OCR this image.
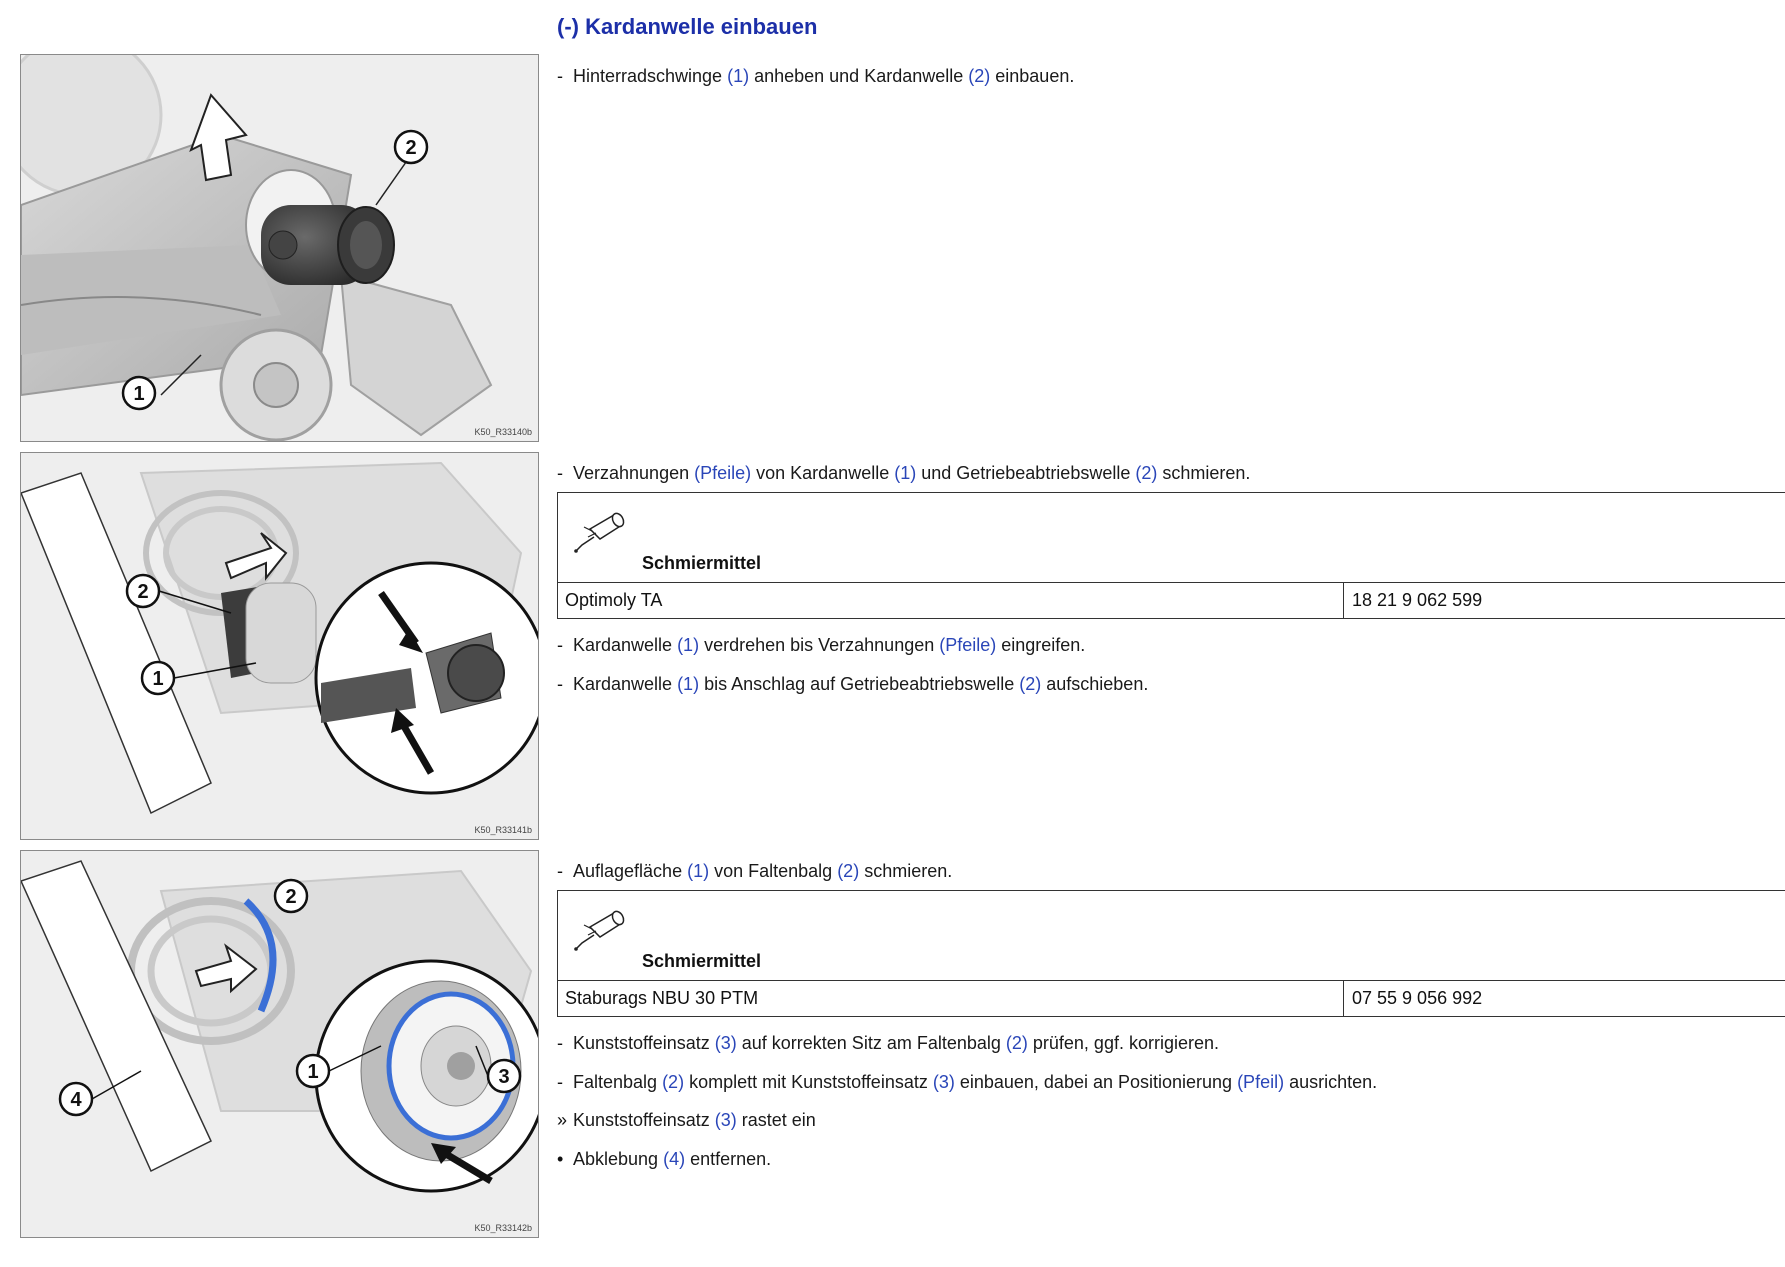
(-) Kardanwelle einbauen
1
2
K50_R33140b
2
1
K50_R33141b
2
1	3
4
K50_R33142b
- Hinterradschwinge (1) anheben und Kardanwelle (2) einbauen.
- Verzahnungen (Pfeile) von Kardanwelle (1) und Getriebeabtriebswelle (2) schmieren.
Schmiermittel
Optimoly TA	18 21 9 062 599
- Kardanwelle (1) verdrehen bis Verzahnungen (Pfeile) eingreifen.
- Kardanwelle (1) bis Anschlag auf Getriebeabtriebswelle (2) aufschieben.
- Auflagefläche (1) von Faltenbalg (2) schmieren.
Schmiermittel
Staburags NBU 30 PTM	07 55 9 056 992
- Kunststoffeinsatz (3) auf korrekten Sitz am Faltenbalg (2) prüfen, ggf. korrigieren.
- Faltenbalg (2) komplett mit Kunststoffeinsatz (3) einbauen, dabei an Positionierung (Pfeil) ausrichten.
» Kunststoffeinsatz (3) rastet ein
• Abklebung (4) entfernen.
